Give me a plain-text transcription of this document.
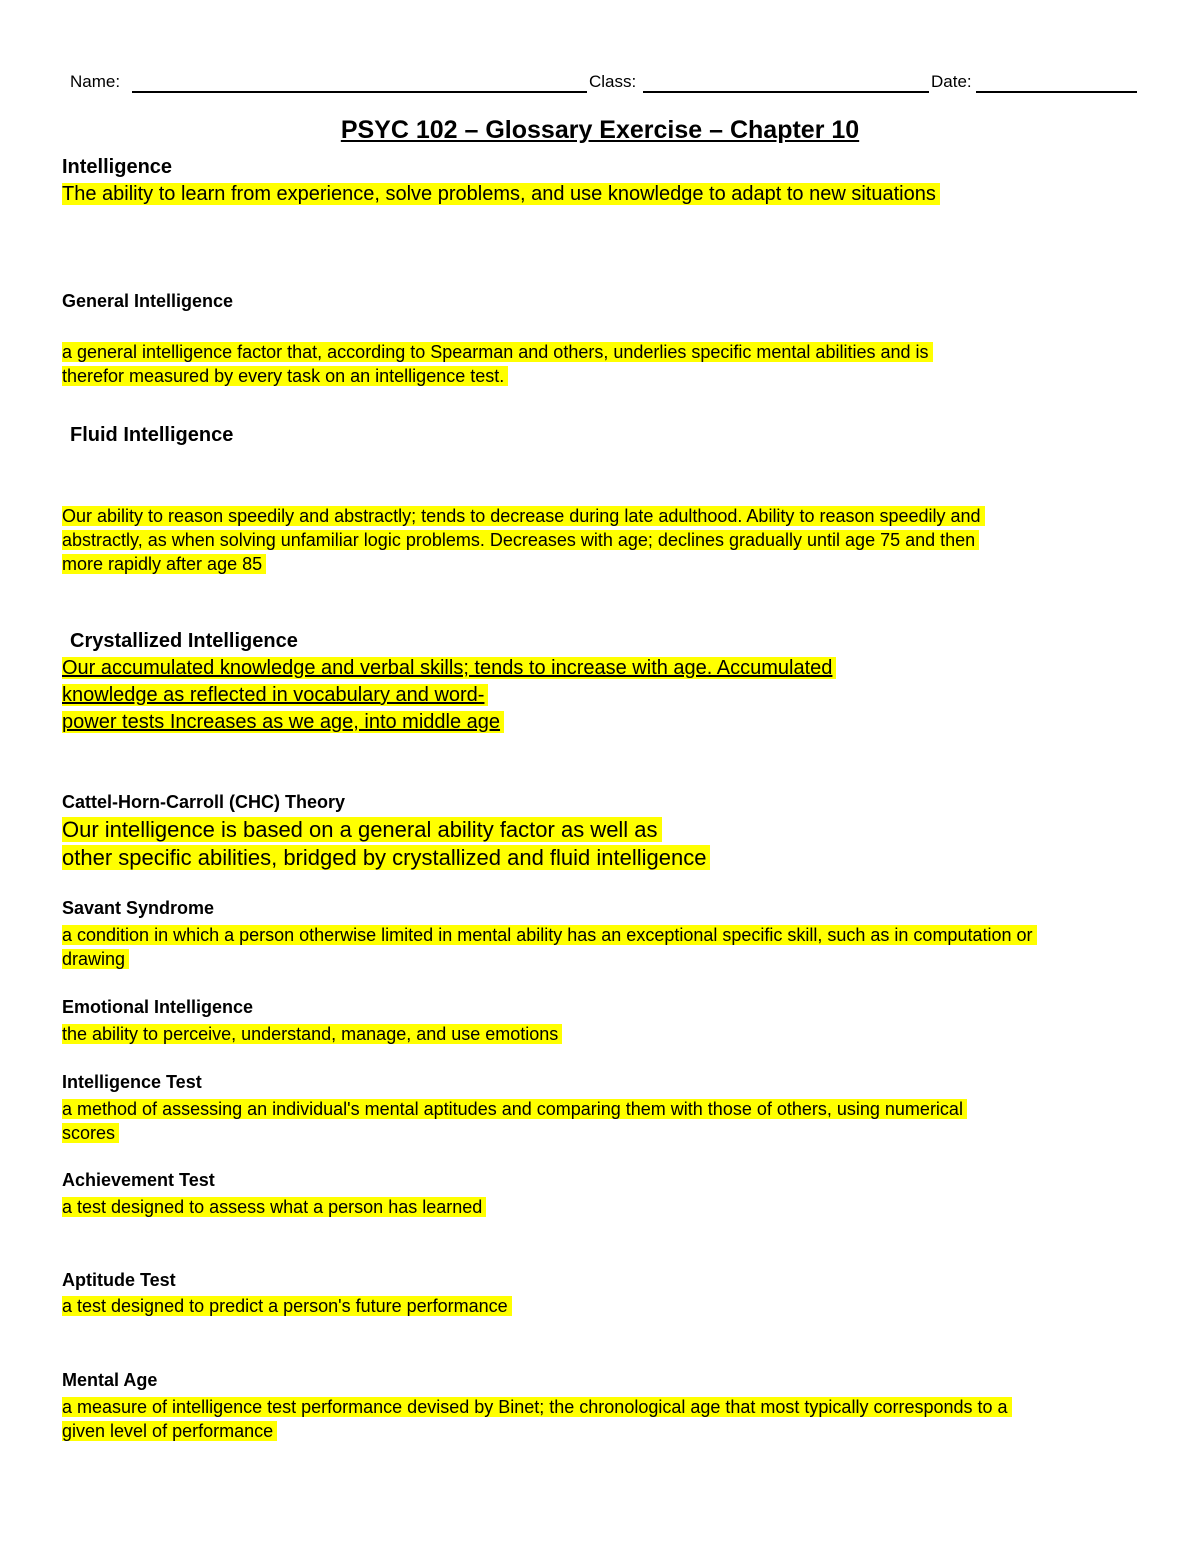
Name:	Class:	Date:
PSYC 102 – Glossary Exercise – Chapter 10
Intelligence
The ability to learn from experience, solve problems, and use knowledge to adapt to new situations
General Intelligence
a general intelligence factor that, according to Spearman and others, underlies specific mental abilities and is therefor measured by every task on an intelligence test.
Fluid Intelligence
Our ability to reason speedily and abstractly; tends to decrease during late adulthood. Ability to reason speedily and abstractly, as when solving unfamiliar logic problems. Decreases with age; declines gradually until age 75 and then more rapidly after age 85
Crystallized Intelligence
Our accumulated knowledge and verbal skills; tends to increase with age. Accumulated
knowledge as reflected in vocabulary and word-
power tests Increases as we age, into middle age
Cattel-Horn-Carroll (CHC) Theory
Our intelligence is based on a general ability factor as well as
other specific abilities, bridged by crystallized and fluid intelligence
Savant Syndrome
a condition in which a person otherwise limited in mental ability has an exceptional specific skill, such as in computation or drawing
Emotional Intelligence
the ability to perceive, understand, manage, and use emotions
Intelligence Test
a method of assessing an individual's mental aptitudes and comparing them with those of others, using numerical scores
Achievement Test
a test designed to assess what a person has learned
Aptitude Test
a test designed to predict a person's future performance
Mental Age
a measure of intelligence test performance devised by Binet; the chronological age that most typically corresponds to a given level of performance
